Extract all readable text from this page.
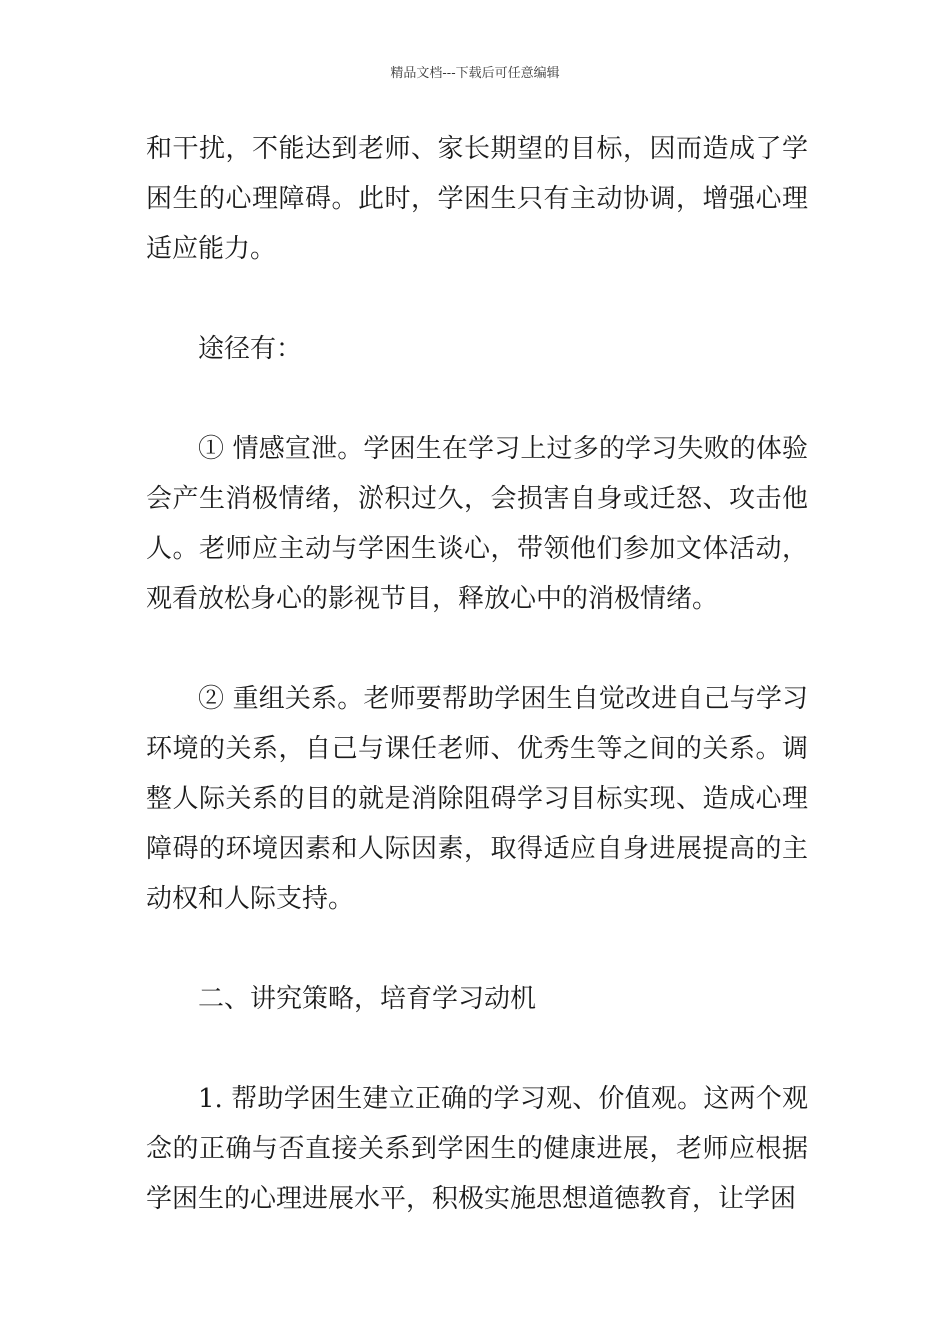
精品文档---下载后可任意编辑

和干扰，不能达到老师、家长期望的目标，因而造成了学困生的心理障碍。此时，学困生只有主动协调，增强心理适应能力。

途径有：

① 情感宣泄。学困生在学习上过多的学习失败的体验会产生消极情绪，淤积过久，会损害自身或迁怒、攻击他人。老师应主动与学困生谈心，带领他们参加文体活动，观看放松身心的影视节目，释放心中的消极情绪。

② 重组关系。老师要帮助学困生自觉改进自己与学习环境的关系，自己与课任老师、优秀生等之间的关系。调整人际关系的目的就是消除阻碍学习目标实现、造成心理障碍的环境因素和人际因素，取得适应自身进展提高的主动权和人际支持。

二、讲究策略，培育学习动机

1. 帮助学困生建立正确的学习观、价值观。这两个观念的正确与否直接关系到学困生的健康进展，老师应根据学困生的心理进展水平，积极实施思想道德教育，让学困
